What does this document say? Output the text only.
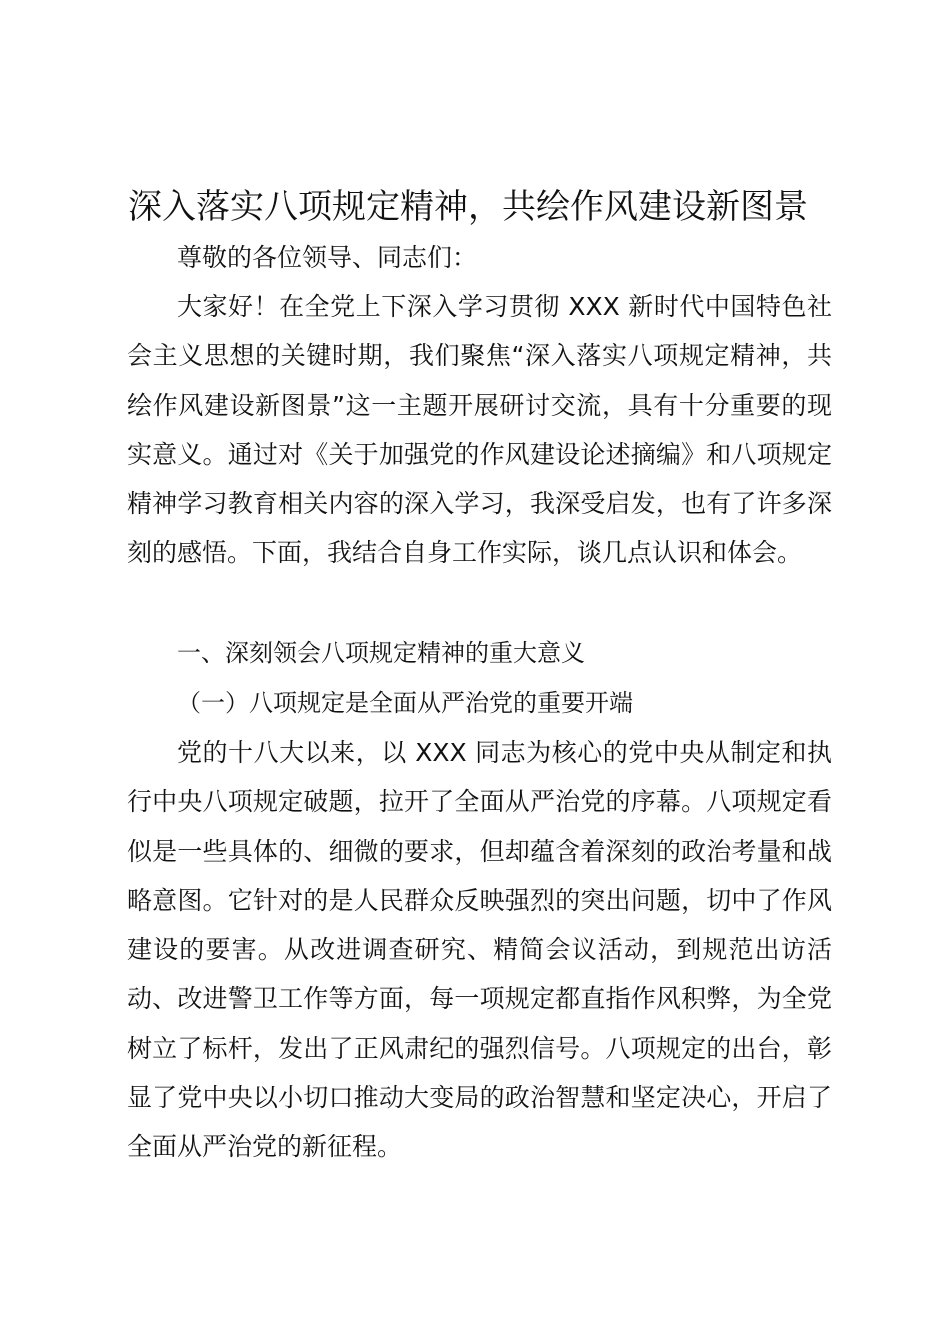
深入落实八项规定精神，共绘作风建设新图景

尊敬的各位领导、同志们：

大家好！在全党上下深入学习贯彻 XXX 新时代中国特色社会主义思想的关键时期，我们聚焦“深入落实八项规定精神，共绘作风建设新图景”这一主题开展研讨交流，具有十分重要的现实意义。通过对《关于加强党的作风建设论述摘编》和八项规定精神学习教育相关内容的深入学习，我深受启发，也有了许多深刻的感悟。下面，我结合自身工作实际，谈几点认识和体会。

一、深刻领会八项规定精神的重大意义

（一）八项规定是全面从严治党的重要开端

党的十八大以来，以 XXX 同志为核心的党中央从制定和执行中央八项规定破题，拉开了全面从严治党的序幕。八项规定看似是一些具体的、细微的要求，但却蕴含着深刻的政治考量和战略意图。它针对的是人民群众反映强烈的突出问题，切中了作风建设的要害。从改进调查研究、精简会议活动，到规范出访活动、改进警卫工作等方面，每一项规定都直指作风积弊，为全党树立了标杆，发出了正风肃纪的强烈信号。八项规定的出台，彰显了党中央以小切口推动大变局的政治智慧和坚定决心，开启了全面从严治党的新征程。
